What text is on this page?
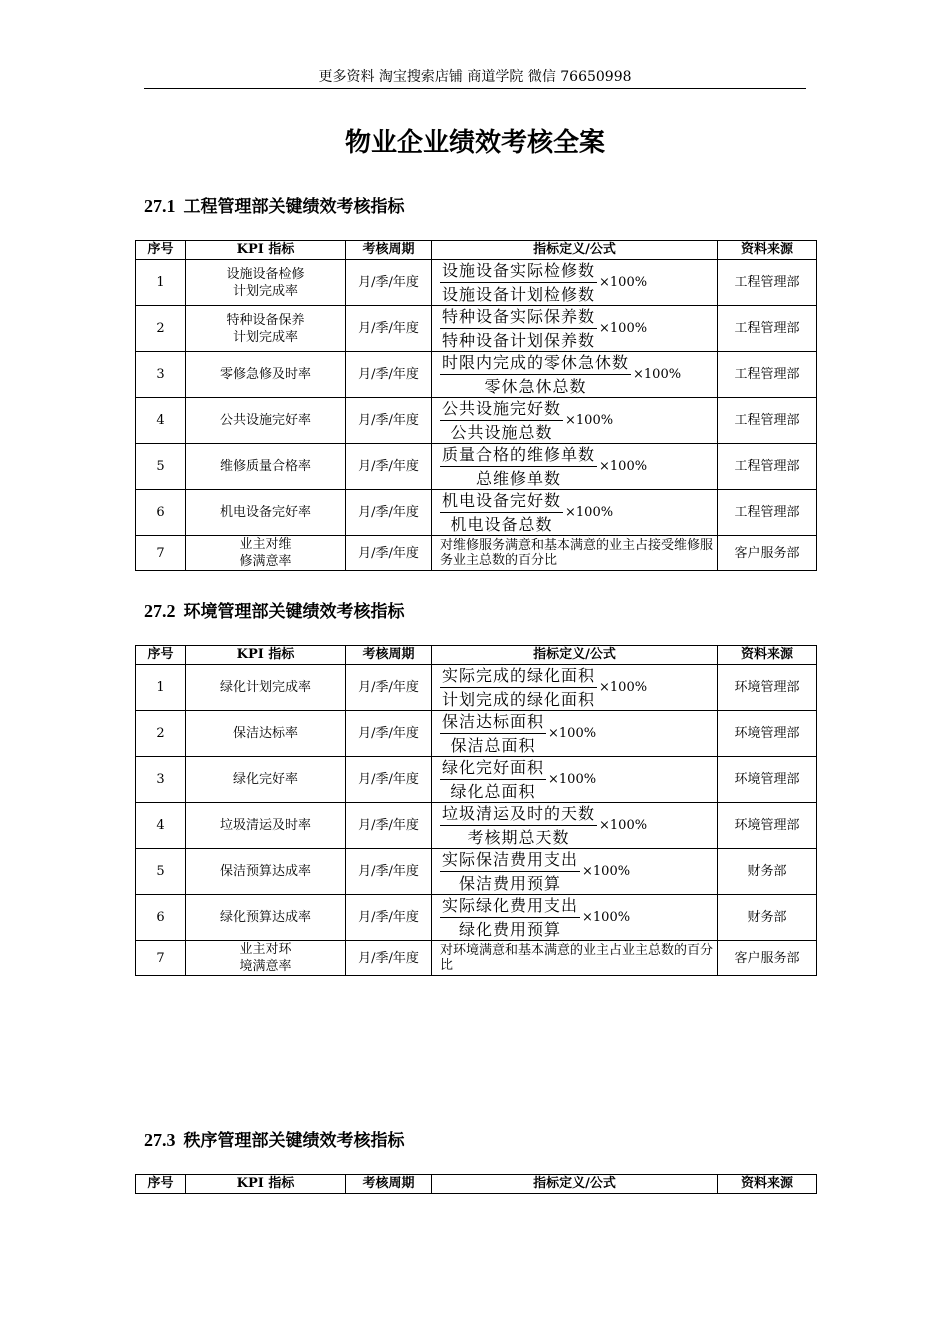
更多资料 淘宝搜索店铺 商道学院 微信 76650998
物业企业绩效考核全案
27.1 工程管理部关键绩效考核指标
序号	KPI 指标	考核周期	指标定义/公式	资料来源
1	设施设备检修
计划完成率	月/季/年度	$\frac{\text{设施设备实际检修数}}{\text{设施设备计划检修数}} \times 100\%$	工程管理部
2	特种设备保养
计划完成率	月/季/年度	$\frac{\text{特种设备实际保养数}}{\text{特种设备计划保养数}} \times 100\%$	工程管理部
3	零修急修及时率	月/季/年度	$\frac{\text{时限内完成的零休急休数}}{\text{零休急休总数}} \times 100\%$	工程管理部
4	公共设施完好率	月/季/年度	$\frac{\text{公共设施完好数}}{\text{公共设施总数}} \times 100\%$	工程管理部
5	维修质量合格率	月/季/年度	$\frac{\text{质量合格的维修单数}}{\text{总维修单数}} \times 100\%$	工程管理部
6	机电设备完好率	月/季/年度	$\frac{\text{机电设备完好数}}{\text{机电设备总数}} \times 100\%$	工程管理部
7	业主对维
修满意率	月/季/年度	对维修服务满意和基本满意的业主占接受维修服务业主总数的百分比	客户服务部
27.2 环境管理部关键绩效考核指标
序号	KPI 指标	考核周期	指标定义/公式	资料来源
1	绿化计划完成率	月/季/年度	$\frac{\text{实际完成的绿化面积}}{\text{计划完成的绿化面积}} \times 100\%$	环境管理部
2	保洁达标率	月/季/年度	$\frac{\text{保洁达标面积}}{\text{保洁总面积}} \times 100\%$	环境管理部
3	绿化完好率	月/季/年度	$\frac{\text{绿化完好面积}}{\text{绿化总面积}} \times 100\%$	环境管理部
4	垃圾清运及时率	月/季/年度	$\frac{\text{垃圾清运及时的天数}}{\text{考核期总天数}} \times 100\%$	环境管理部
5	保洁预算达成率	月/季/年度	$\frac{\text{实际保洁费用支出}}{\text{保洁费用预算}} \times 100\%$	财务部
6	绿化预算达成率	月/季/年度	$\frac{\text{实际绿化费用支出}}{\text{绿化费用预算}} \times 100\%$	财务部
7	业主对环
境满意率	月/季/年度	对环境满意和基本满意的业主占业主总数的百分比	客户服务部
27.3 秩序管理部关键绩效考核指标
序号	KPI 指标	考核周期	指标定义/公式	资料来源
